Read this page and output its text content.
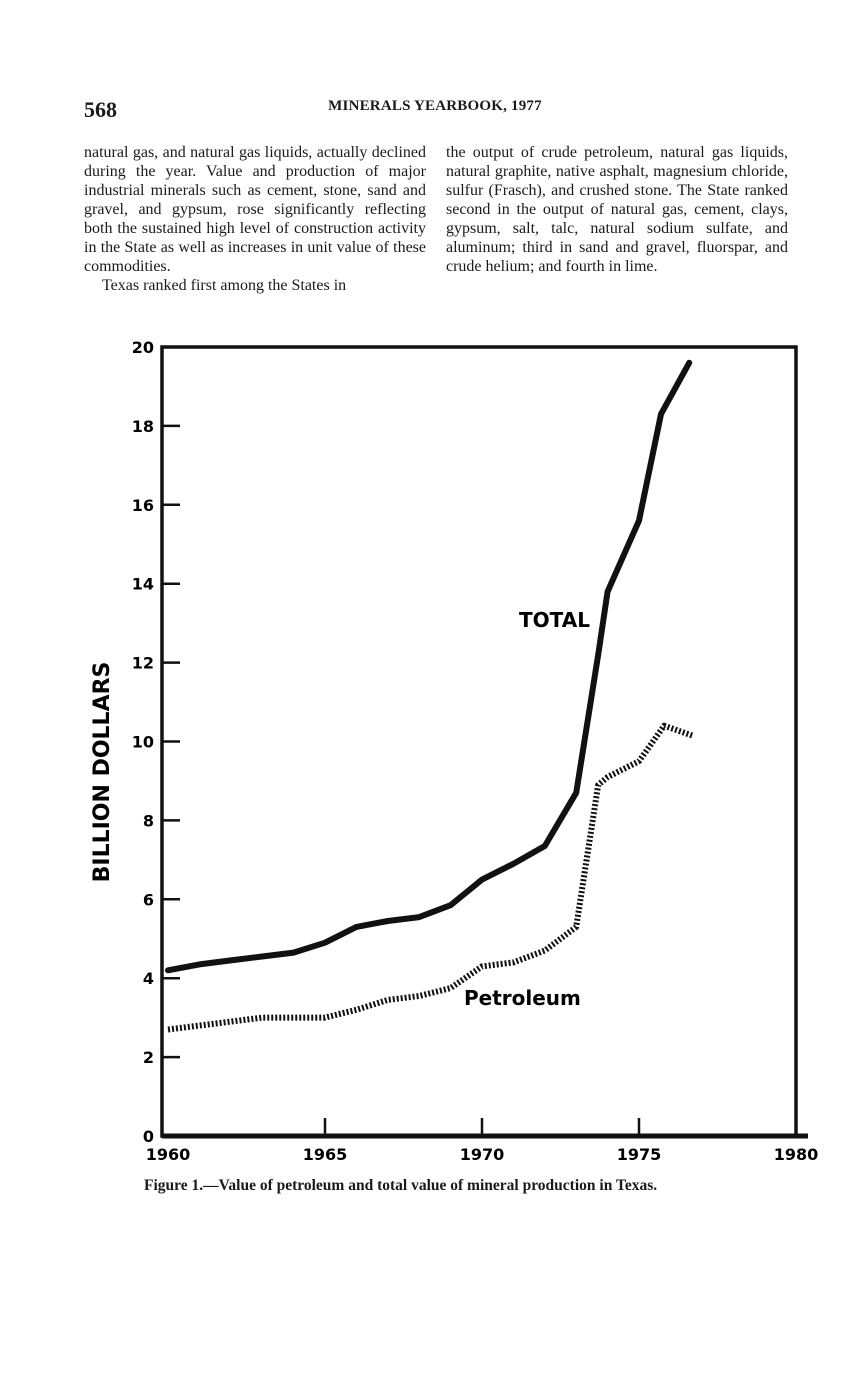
568	MINERALS YEARBOOK, 1977

natural gas, and natural gas liquids, actually declined during the year. Value and production of major industrial minerals such as cement, stone, sand and gravel, and gypsum, rose significantly reflecting both the sustained high level of construction activity in the State as well as increases in unit value of these commodities.

Texas ranked first among the States in

the output of crude petroleum, natural gas liquids, natural graphite, native asphalt, magnesium chloride, sulfur (Frasch), and crushed stone. The State ranked second in the output of natural gas, cement, clays, gypsum, salt, talc, natural sodium sulfate, and aluminum; third in sand and gravel, fluorspar, and crude helium; and fourth in lime.

0
2
4
6
8
10
12
14
16
18
20
1960	1965	1970	1975	1980
BILLION DOLLARS
TOTAL
Petroleum
Figure 1.—Value of petroleum and total value of mineral production in Texas.
